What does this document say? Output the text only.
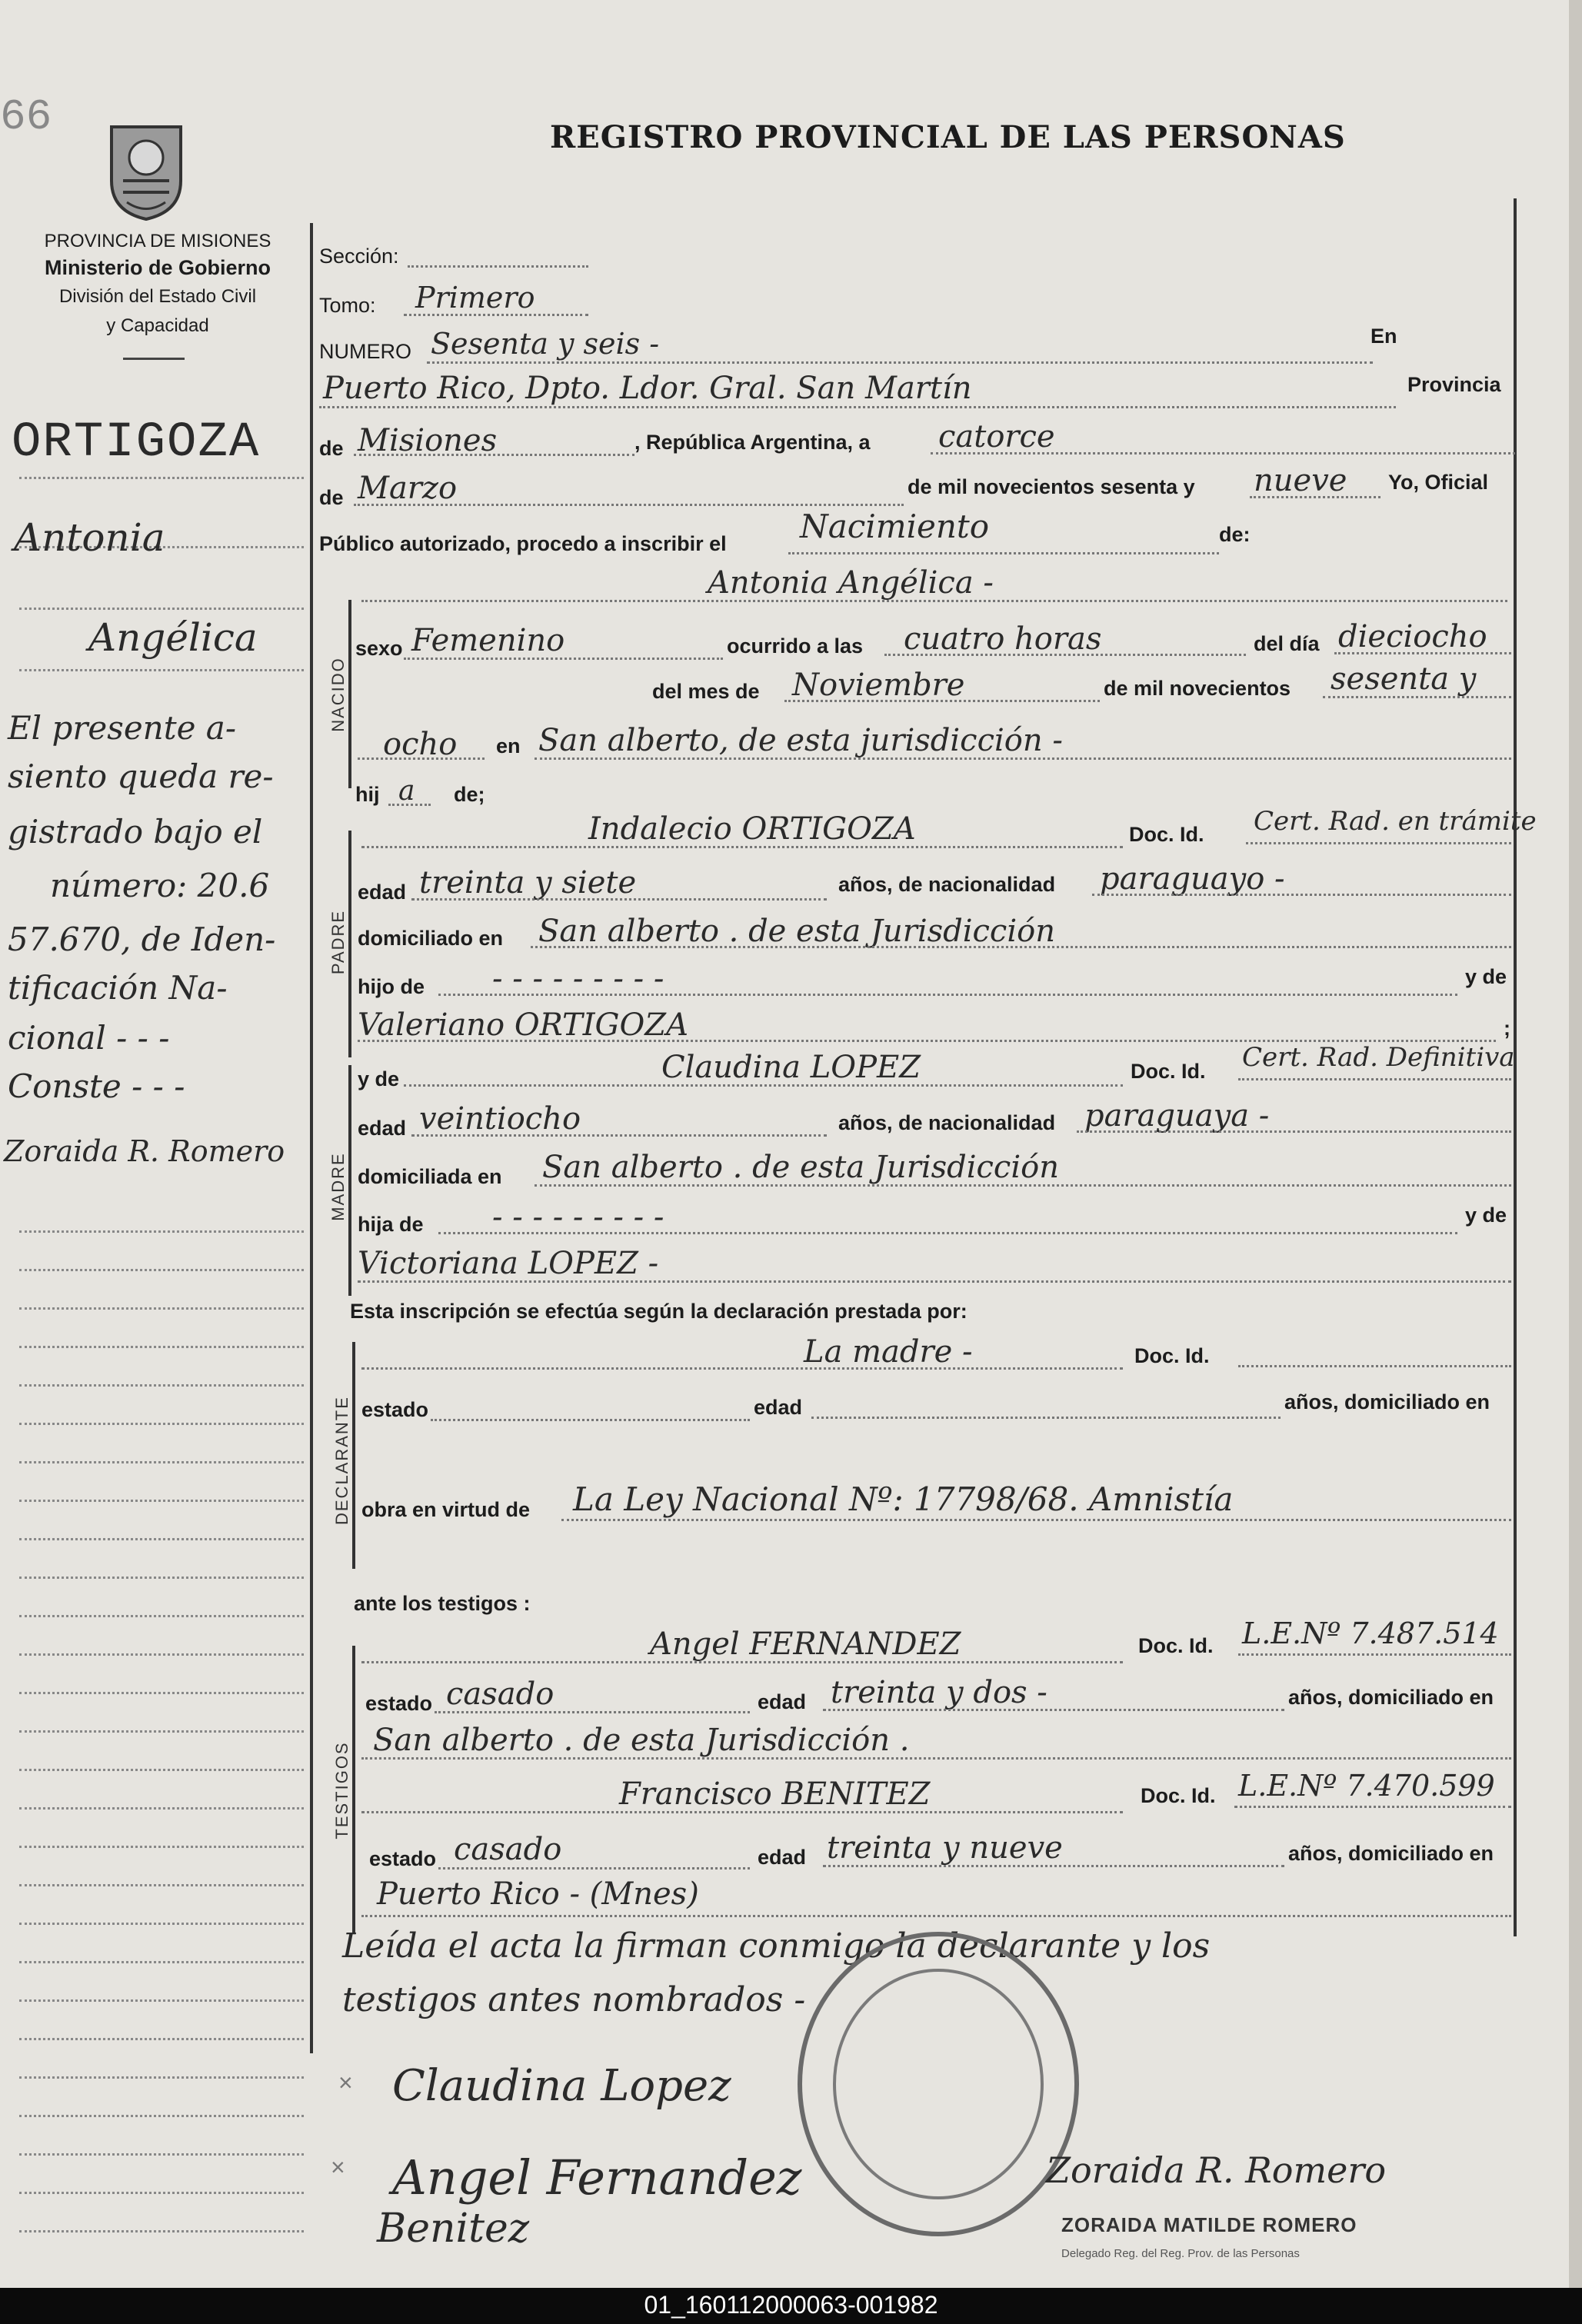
66
PROVINCIA DE MISIONES
Ministerio de Gobierno
División del Estado Civil
y Capacidad
REGISTRO PROVINCIAL DE LAS PERSONAS
ORTIGOZA
Antonia
Angélica
El presente a-
siento queda re-
gistrado bajo el
número: 20.6
57.670, de Iden-
tificación Na-
cional - - -
Conste - - -
Zoraida R. Romero
NACIDO
PADRE
MADRE
DECLARANTE
TESTIGOS
Sección:
Tomo: Primero
NUMERO Sesenta y seis -	En
Puerto Rico, Dpto. Ldor. Gral. San Martín	Provincia
de Misiones	, República Argentina, a catorce
de Marzo	de mil novecientos sesenta y nueve Yo, Oficial
Público autorizado, procedo a inscribir el Nacimiento	de:
Antonia Angélica -
sexo Femenino	ocurrido a las cuatro horas	del día dieciocho
del mes de Noviembre	de mil novecientos sesenta y
ocho en San alberto, de esta jurisdicción -
hij a de;
Indalecio ORTIGOZA	Doc. Id. Cert. Rad. en trámite
edad treinta y siete	años, de nacionalidad paraguayo -
domiciliado en San alberto . de esta Jurisdicción
hijo de - - - - - - - - -	y de
Valeriano ORTIGOZA	;
y de	Claudina LOPEZ	Doc. Id. Cert. Rad. Definitiva
edad veintiocho	años, de nacionalidad paraguaya -
domiciliada en San alberto . de esta Jurisdicción
hija de - - - - - - - - -	y de
Victoriana LOPEZ -
Esta inscripción se efectúa según la declaración prestada por:
La madre -	Doc. Id.
estado	edad	años, domiciliado en
obra en virtud de La Ley Nacional Nº: 17798/68. Amnistía
ante los testigos :
Angel FERNANDEZ	Doc. Id. L.E.Nº 7.487.514
estado casado	edad treinta y dos -	años, domiciliado en
San alberto . de esta Jurisdicción .
Francisco BENITEZ	Doc. Id. L.E.Nº 7.470.599
estado casado	edad treinta y nueve	años, domiciliado en
Puerto Rico - (Mnes)
Leída el acta la firman conmigo la declarante y los
testigos antes nombrados -
Claudina Lopez
Angel Fernandez
Benitez
Zoraida R. Romero
×
×
ZORAIDA MATILDE ROMERO
Delegado Reg. del Reg. Prov. de las Personas
01_160112000063-001982
